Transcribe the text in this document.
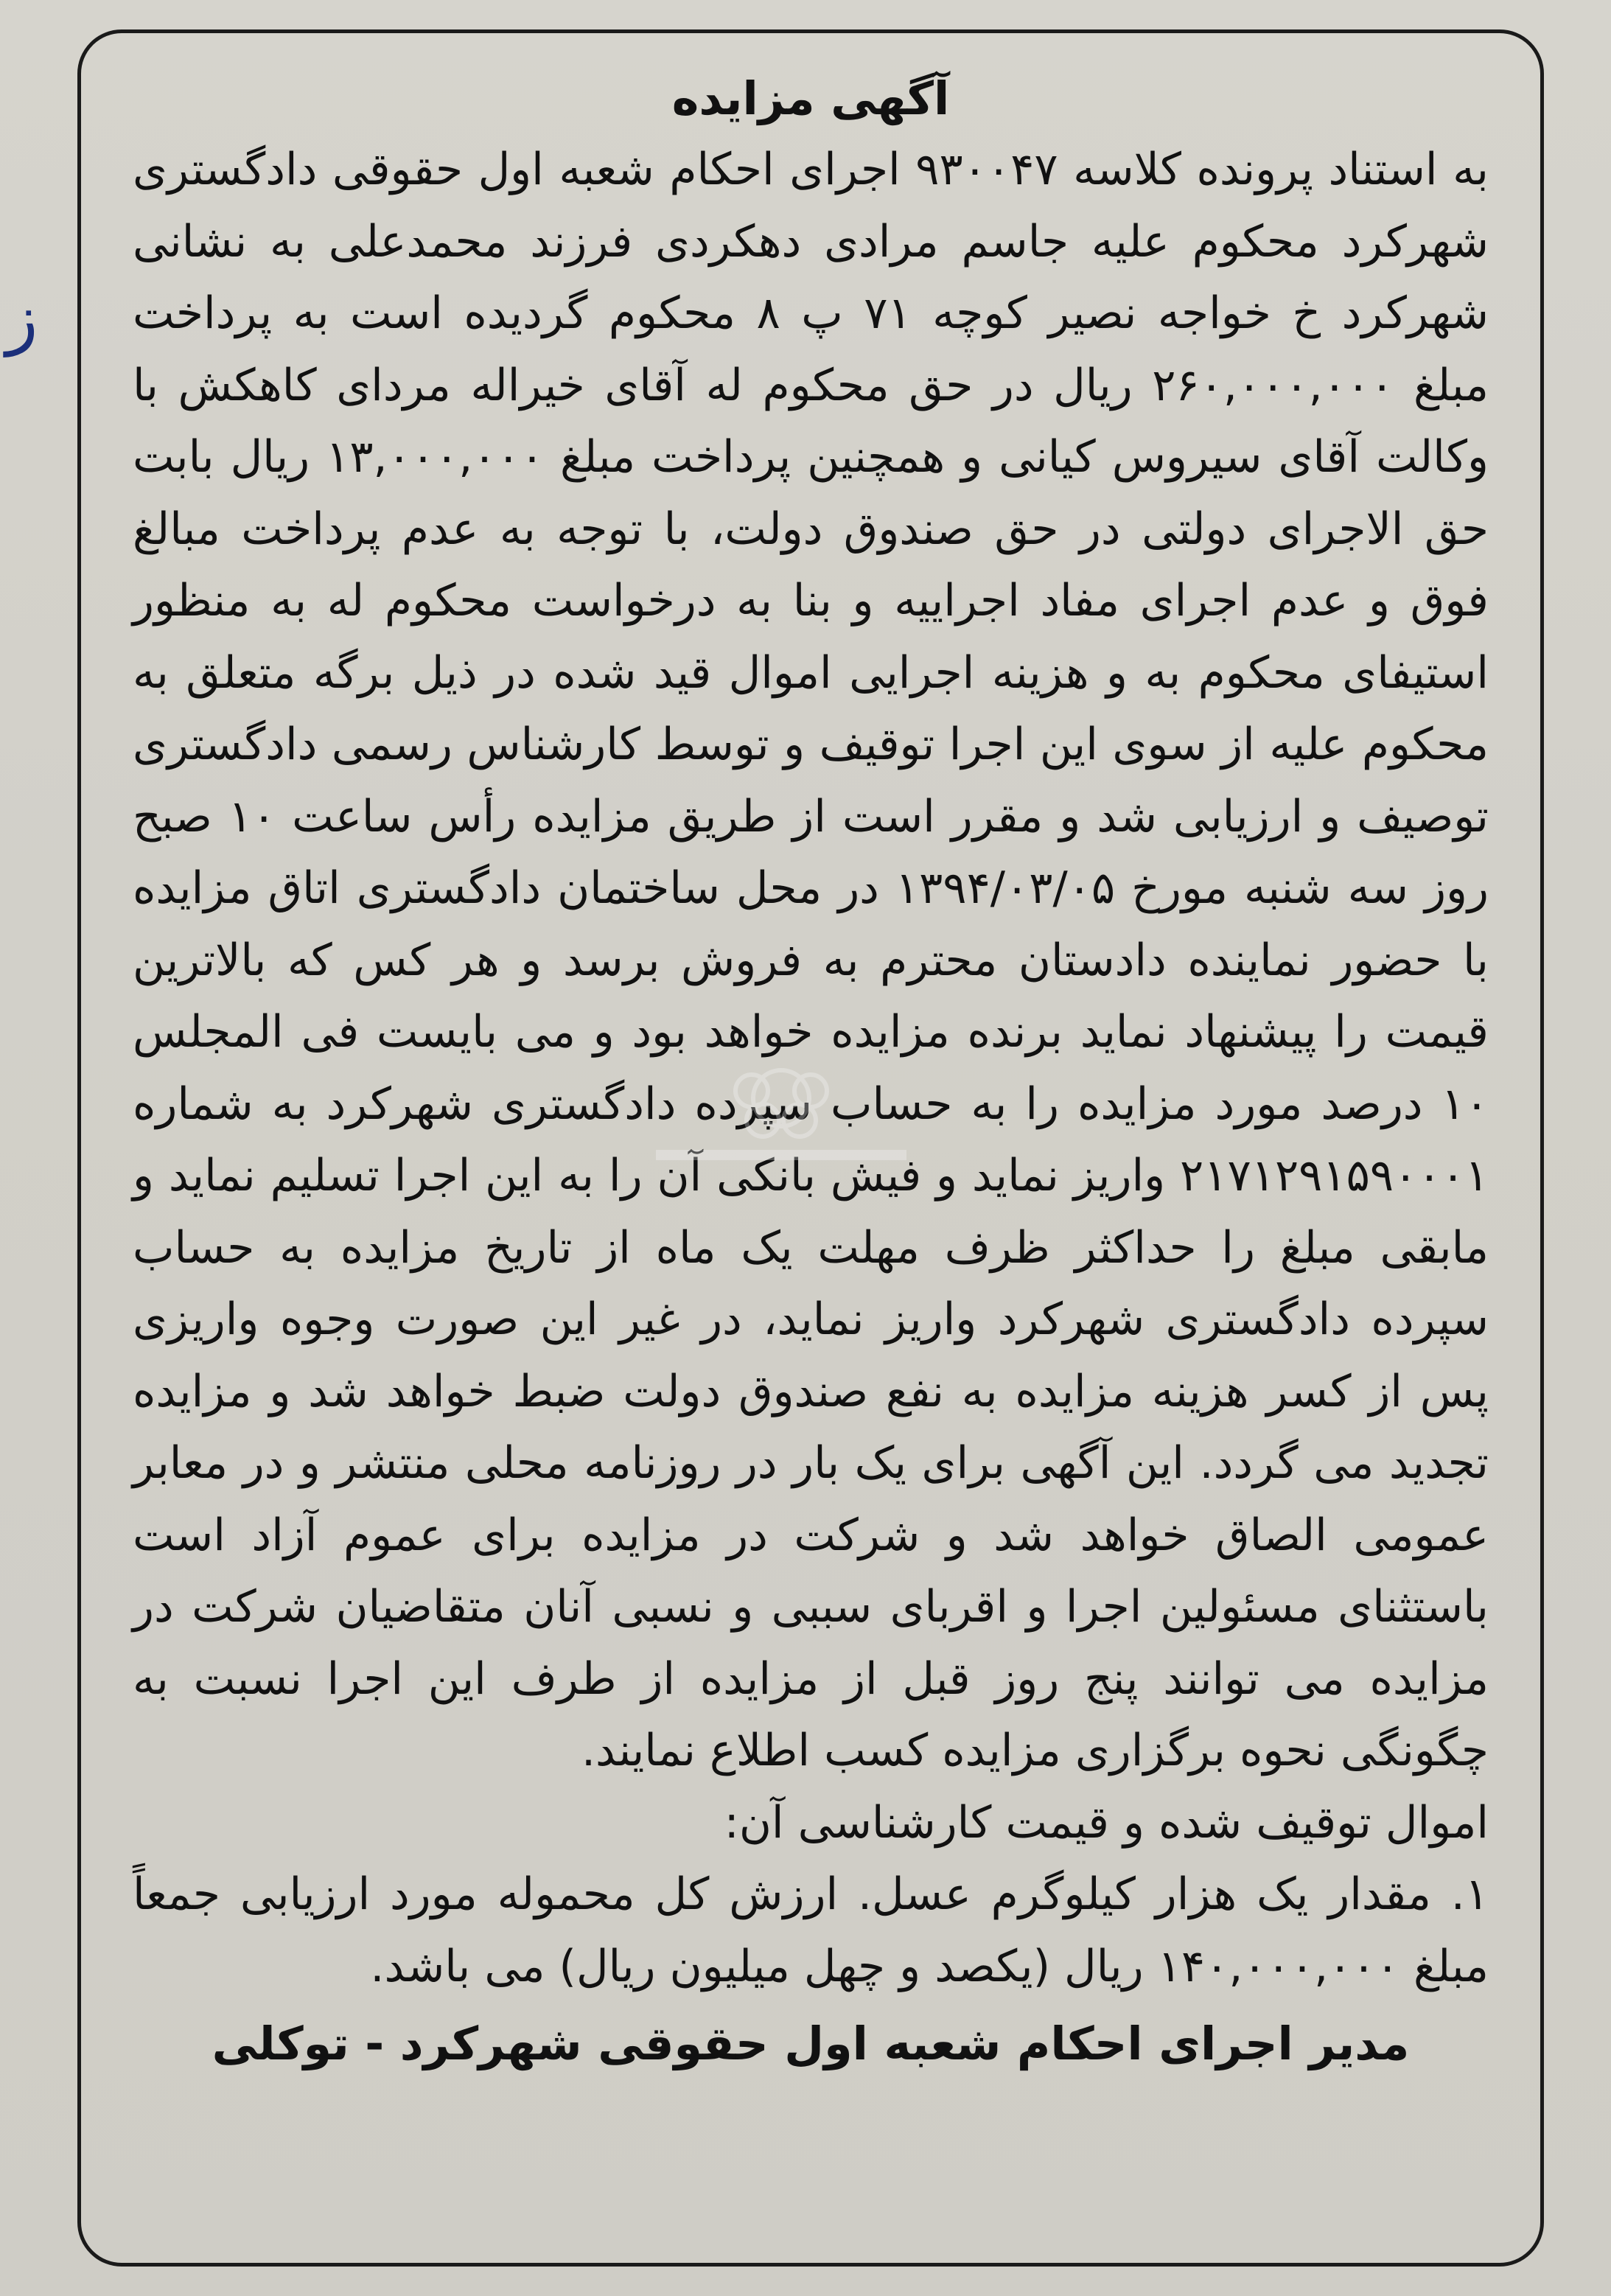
ز
آگهی مزایده

به استناد پرونده کلاسه ۹۳۰۰۴۷ اجرای احکام شعبه اول حقوقی دادگستری شهرکرد محکوم علیه جاسم مرادی دهکردی فرزند محمدعلی به نشانی شهرکرد خ خواجه نصیر کوچه ۷۱ پ ۸ محکوم گردیده است به پرداخت مبلغ ۲۶۰,۰۰۰,۰۰۰ ریال در حق محکوم له آقای خیراله مردای کاهکش با وکالت آقای سیروس کیانی و همچنین پرداخت مبلغ ۱۳,۰۰۰,۰۰۰ ریال بابت حق الاجرای دولتی در حق صندوق دولت، با توجه به عدم پرداخت مبالغ فوق و عدم اجرای مفاد اجراییه و بنا به درخواست محکوم له به منظور استیفای محکوم به و هزینه اجرایی اموال قید شده در ذیل برگه متعلق به محکوم علیه از سوی این اجرا توقیف و توسط کارشناس رسمی دادگستری توصیف و ارزیابی شد و مقرر است از طریق مزایده رأس ساعت ۱۰ صبح روز سه شنبه مورخ ۱۳۹۴/۰۳/۰۵ در محل ساختمان دادگستری اتاق مزایده با حضور نماینده دادستان محترم به فروش برسد و هر کس که بالاترین قیمت را پیشنهاد نماید برنده مزایده خواهد بود و می بایست فی المجلس ۱۰ درصد مورد مزایده را به حساب سپرده دادگستری شهرکرد به شماره ۲۱۷۱۲۹۱۵۹۰۰۰۱ واریز نماید و فیش بانکی آن را به این اجرا تسلیم نماید و مابقی مبلغ را حداکثر ظرف مهلت یک ماه از تاریخ مزایده به حساب سپرده دادگستری شهرکرد واریز نماید، در غیر این صورت وجوه واریزی پس از کسر هزینه مزایده به نفع صندوق دولت ضبط خواهد شد و مزایده تجدید می گردد. این آگهی برای یک بار در روزنامه محلی منتشر و در معابر عمومی الصاق خواهد شد و شرکت در مزایده برای عموم آزاد است باستثنای مسئولین اجرا و اقربای سببی و نسبی آنان متقاضیان شرکت در مزایده می توانند پنج روز قبل از مزایده از طرف این اجرا نسبت به چگونگی نحوه برگزاری مزایده کسب اطلاع نمایند.

اموال توقیف شده و قیمت کارشناسی آن:

۱. مقدار یک هزار کیلوگرم عسل. ارزش کل محموله مورد ارزیابی جمعاً مبلغ ۱۴۰,۰۰۰,۰۰۰ ریال (یکصد و چهل میلیون ریال) می باشد.

مدیر اجرای احکام شعبه اول حقوقی شهرکرد - توکلی
